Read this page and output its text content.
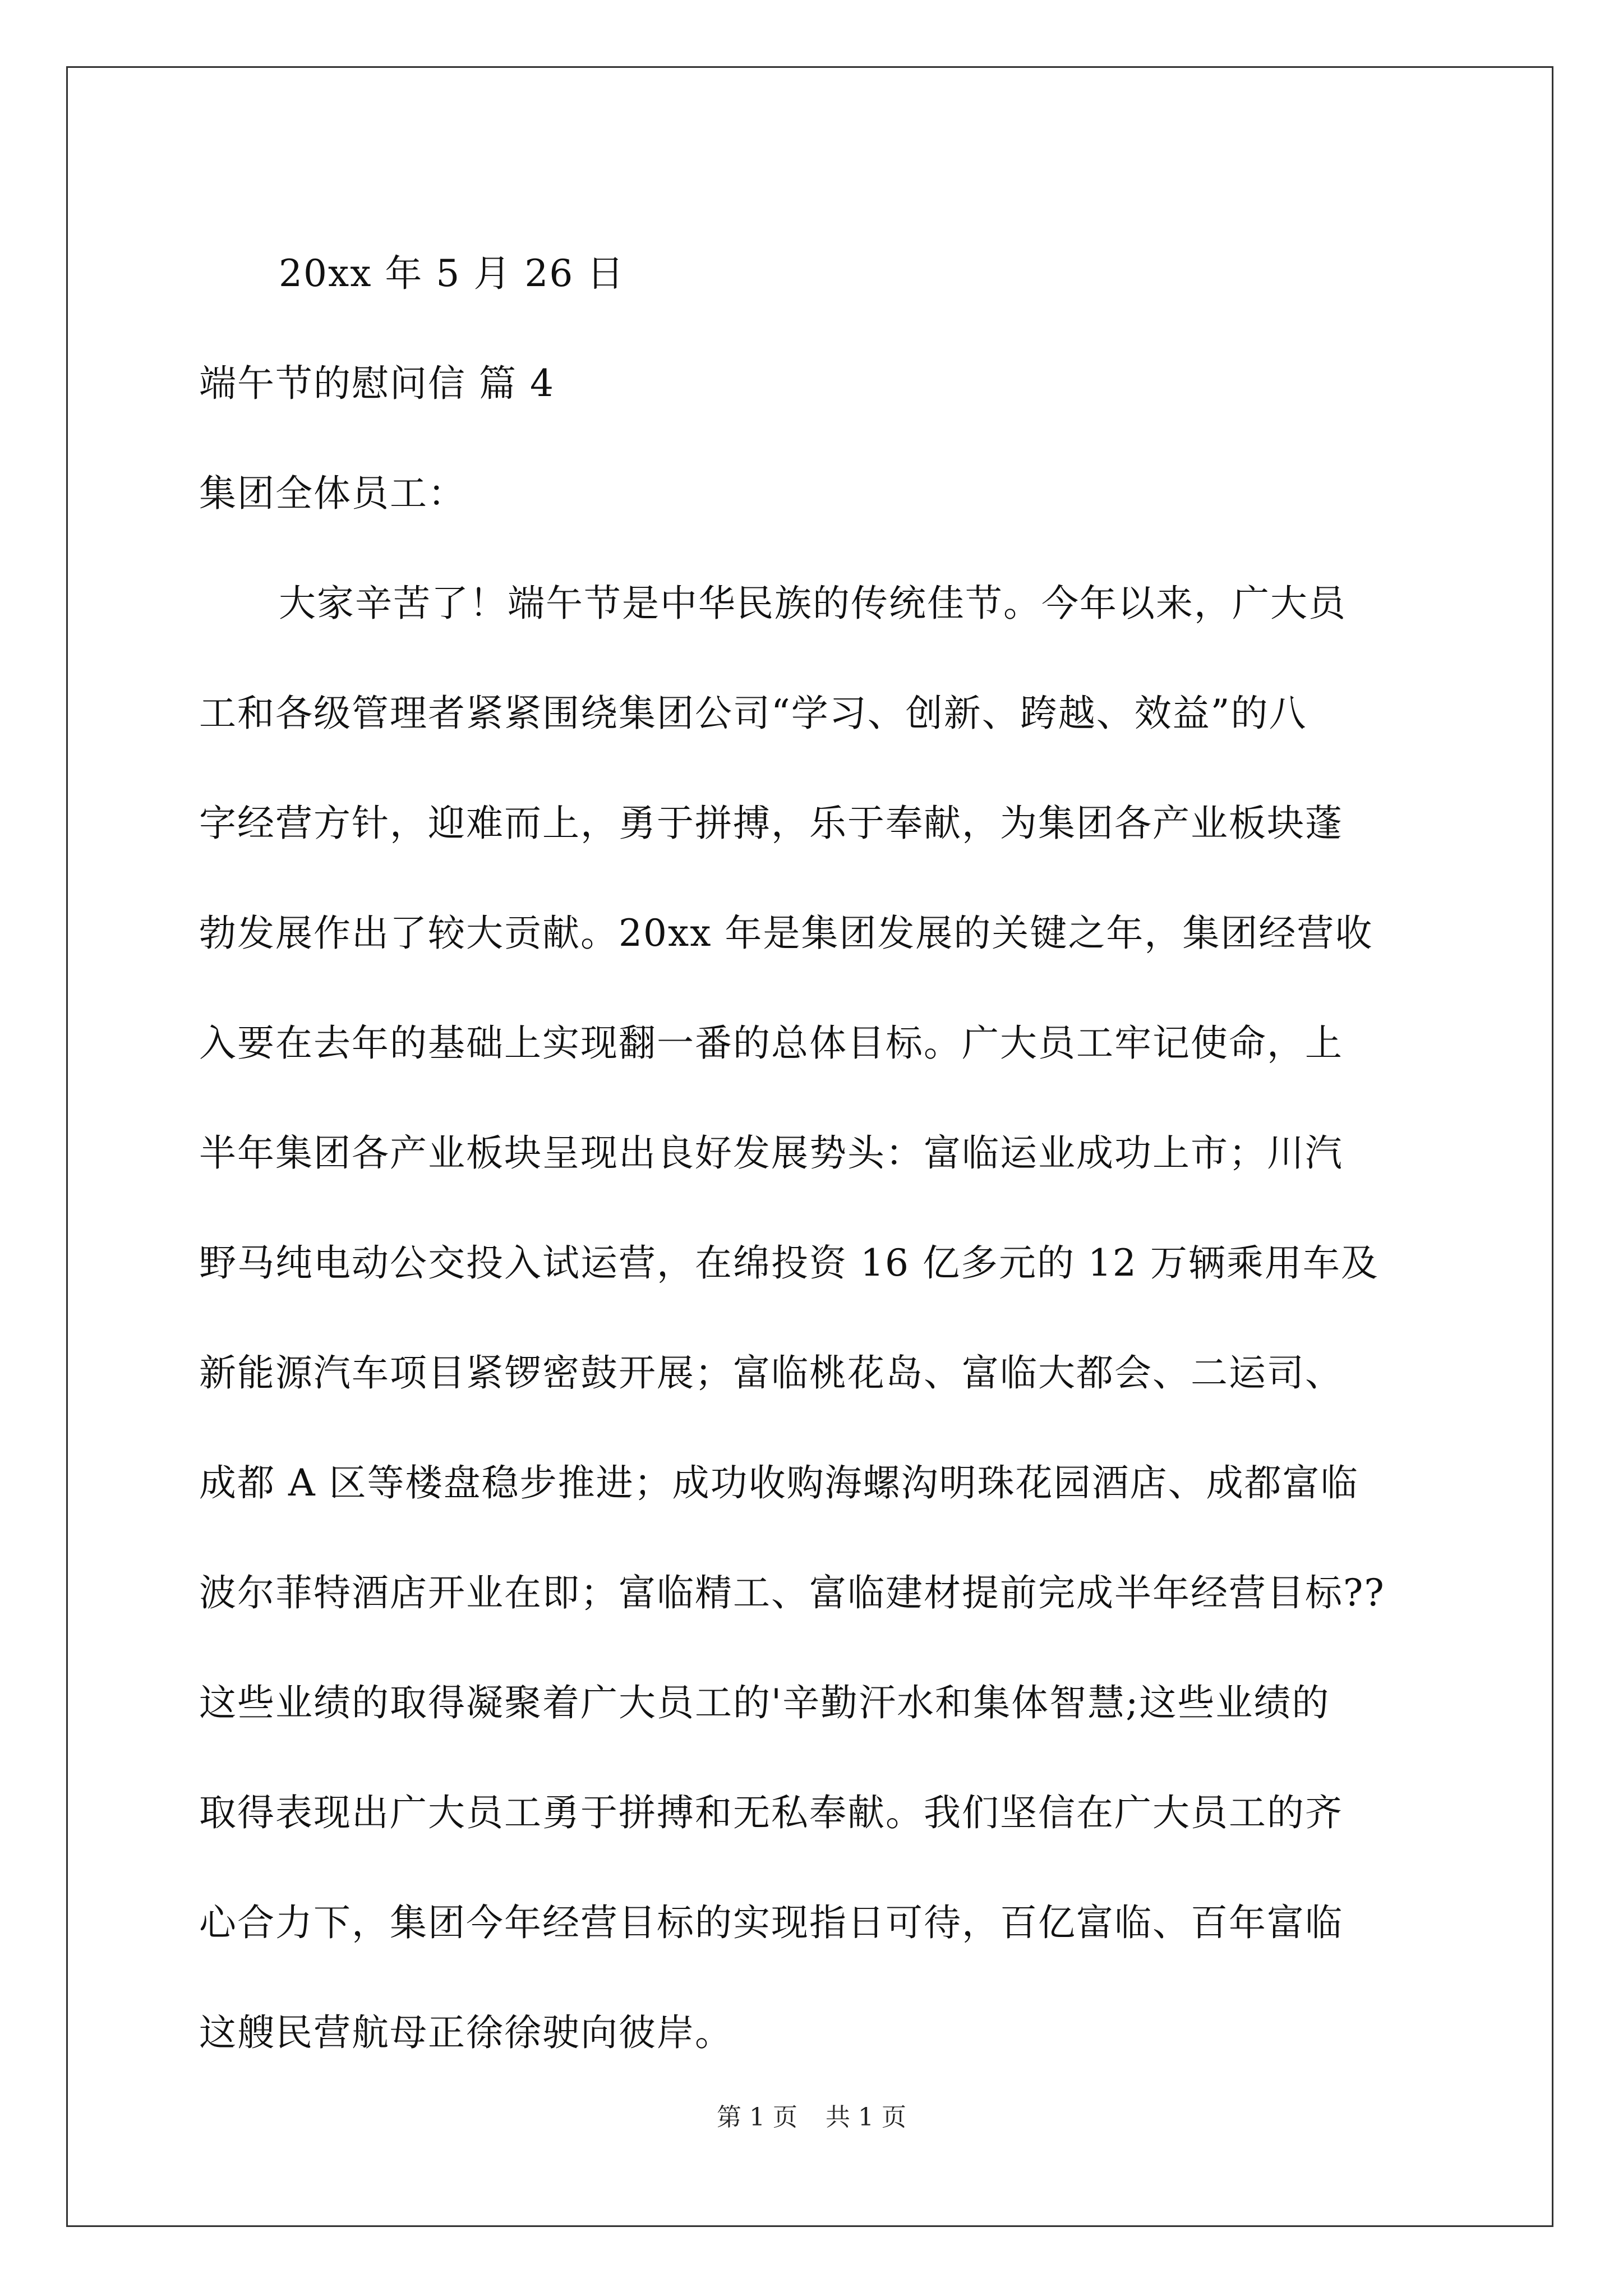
20xx 年 5 月 26 日
端午节的慰问信 篇 4
集团全体员工：
大家辛苦了！端午节是中华民族的传统佳节。今年以来，广大员
工和各级管理者紧紧围绕集团公司“学习、创新、跨越、效益”的八
字经营方针，迎难而上，勇于拼搏，乐于奉献，为集团各产业板块蓬
勃发展作出了较大贡献。20xx 年是集团发展的关键之年，集团经营收
入要在去年的基础上实现翻一番的总体目标。广大员工牢记使命，上
半年集团各产业板块呈现出良好发展势头：富临运业成功上市；川汽
野马纯电动公交投入试运营，在绵投资 16 亿多元的 12 万辆乘用车及
新能源汽车项目紧锣密鼓开展；富临桃花岛、富临大都会、二运司、
成都 A 区等楼盘稳步推进；成功收购海螺沟明珠花园酒店、成都富临
波尔菲特酒店开业在即；富临精工、富临建材提前完成半年经营目标??
这些业绩的取得凝聚着广大员工的'辛勤汗水和集体智慧;这些业绩的
取得表现出广大员工勇于拼搏和无私奉献。我们坚信在广大员工的齐
心合力下，集团今年经营目标的实现指日可待，百亿富临、百年富临
这艘民营航母正徐徐驶向彼岸。
第 1 页 共 1 页
